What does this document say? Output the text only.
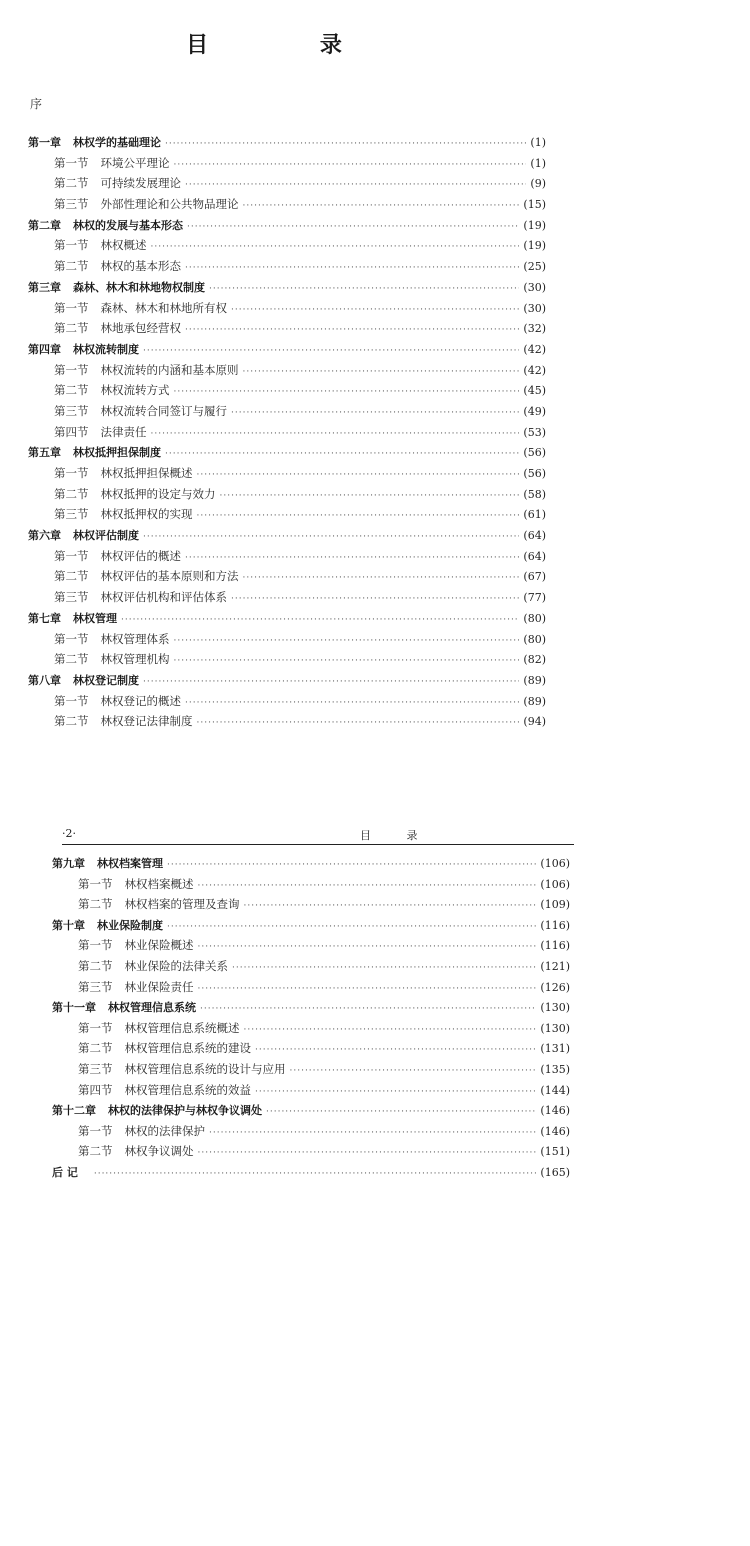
目 录
序
第一章 林权学的基础理论 ·····	(1)
第一节 环境公平理论 ·····	(1)
第二节 可持续发展理论 ·····	(9)
第三节 外部性理论和公共物品理论 ·····	(15)
第二章 林权的发展与基本形态 ·····	(19)
第一节 林权概述 ·····	(19)
第二节 林权的基本形态 ·····	(25)
第三章 森林、林木和林地物权制度 ·····	(30)
第一节 森林、林木和林地所有权 ·····	(30)
第二节 林地承包经营权 ·····	(32)
第四章 林权流转制度 ·····	(42)
第一节 林权流转的内涵和基本原则 ·····	(42)
第二节 林权流转方式 ·····	(45)
第三节 林权流转合同签订与履行 ·····	(49)
第四节 法律责任 ·····	(53)
第五章 林权抵押担保制度 ·····	(56)
第一节 林权抵押担保概述 ·····	(56)
第二节 林权抵押的设定与效力 ·····	(58)
第三节 林权抵押权的实现 ·····	(61)
第六章 林权评估制度 ·····	(64)
第一节 林权评估的概述 ·····	(64)
第二节 林权评估的基本原则和方法 ·····	(67)
第三节 林权评估机构和评估体系 ·····	(77)
第七章 林权管理 ·····	(80)
第一节 林权管理体系 ·····	(80)
第二节 林权管理机构 ·····	(82)
第八章 林权登记制度 ·····	(89)
第一节 林权登记的概述 ·····	(89)
第二节 林权登记法律制度 ·····	(94)
·2·	目 录
第九章 林权档案管理 ·····	(106)
第一节 林权档案概述 ·····	(106)
第二节 林权档案的管理及查询 ·····	(109)
第十章 林业保险制度 ·····	(116)
第一节 林业保险概述 ·····	(116)
第二节 林业保险的法律关系 ·····	(121)
第三节 林业保险责任 ·····	(126)
第十一章 林权管理信息系统 ·····	(130)
第一节 林权管理信息系统概述 ·····	(130)
第二节 林权管理信息系统的建设 ·····	(131)
第三节 林权管理信息系统的设计与应用 ·····	(135)
第四节 林权管理信息系统的效益 ·····	(144)
第十二章 林权的法律保护与林权争议调处 ·····	(146)
第一节 林权的法律保护 ·····	(146)
第二节 林权争议调处 ·····	(151)
后 记 ·····	(165)
